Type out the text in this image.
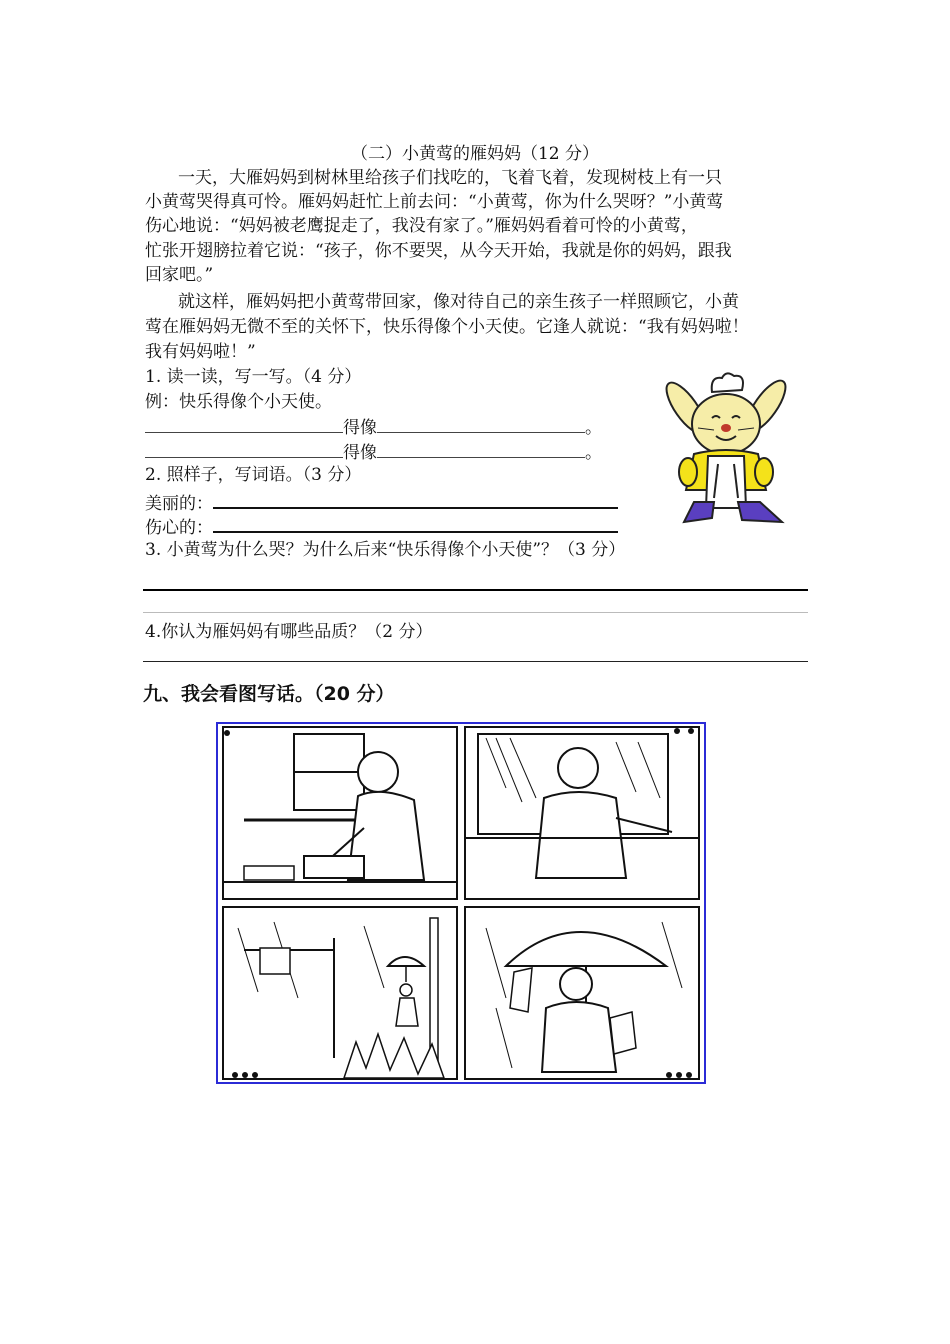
（二）小黄莺的雁妈妈（12 分）
一天，大雁妈妈到树林里给孩子们找吃的，飞着飞着，发现树枝上有一只
小黄莺哭得真可怜。雁妈妈赶忙上前去问：“小黄莺，你为什么哭呀？”小黄莺
伤心地说：“妈妈被老鹰捉走了，我没有家了。”雁妈妈看着可怜的小黄莺，
忙张开翅膀拉着它说：“孩子，你不要哭，从今天开始，我就是你的妈妈，跟我
回家吧。”
就这样，雁妈妈把小黄莺带回家，像对待自己的亲生孩子一样照顾它，小黄
莺在雁妈妈无微不至的关怀下，快乐得像个小天使。它逢人就说：“我有妈妈啦！
我有妈妈啦！”
1. 读一读，写一写。（4 分）
例：快乐得像个小天使。
得像	。
得像	。
2. 照样子，写词语。（3 分）
美丽的：
伤心的：
3. 小黄莺为什么哭？为什么后来“快乐得像个小天使”？（3 分）
4.你认为雁妈妈有哪些品质？（2 分）
九、我会看图写话。（20 分）
